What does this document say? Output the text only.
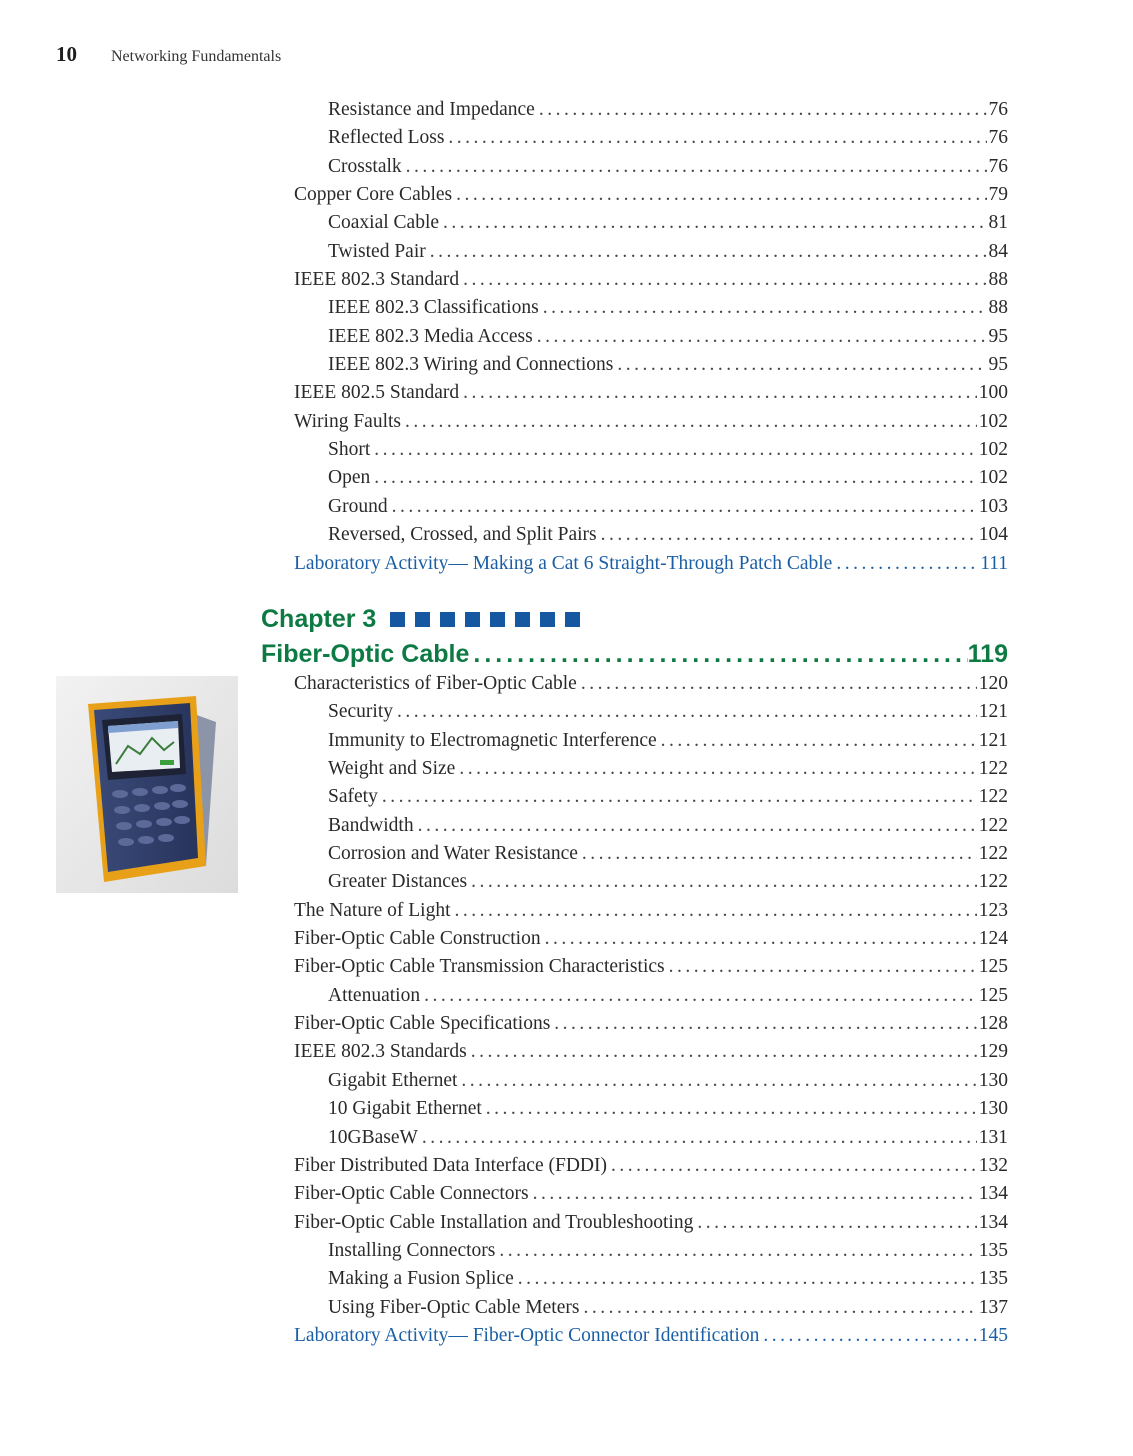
10 Networking Fundamentals
Resistance and Impedance .....	76
Reflected Loss .....	76
Crosstalk .....	76
Copper Core Cables .....	79
Coaxial Cable .....	81
Twisted Pair .....	84
IEEE 802.3 Standard .....	88
IEEE 802.3 Classifications .....	88
IEEE 802.3 Media Access .....	95
IEEE 802.3 Wiring and Connections .....	95
IEEE 802.5 Standard .....	100
Wiring Faults .....	102
Short .....	102
Open .....	102
Ground .....	103
Reversed, Crossed, and Split Pairs .....	104
Laboratory Activity— Making a Cat 6 Straight-Through Patch Cable .....	111
Chapter 3
Fiber-Optic Cable .....	119
Characteristics of Fiber-Optic Cable .....	120
Security .....	121
Immunity to Electromagnetic Interference .....	121
Weight and Size .....	122
Safety .....	122
Bandwidth .....	122
Corrosion and Water Resistance .....	122
Greater Distances .....	122
The Nature of Light .....	123
Fiber-Optic Cable Construction .....	124
Fiber-Optic Cable Transmission Characteristics .....	125
Attenuation .....	125
Fiber-Optic Cable Specifications .....	128
IEEE 802.3 Standards .....	129
Gigabit Ethernet .....	130
10 Gigabit Ethernet .....	130
10GBaseW .....	131
Fiber Distributed Data Interface (FDDI) .....	132
Fiber-Optic Cable Connectors .....	134
Fiber-Optic Cable Installation and Troubleshooting .....	134
Installing Connectors .....	135
Making a Fusion Splice .....	135
Using Fiber-Optic Cable Meters .....	137
Laboratory Activity— Fiber-Optic Connector Identification .....	145
